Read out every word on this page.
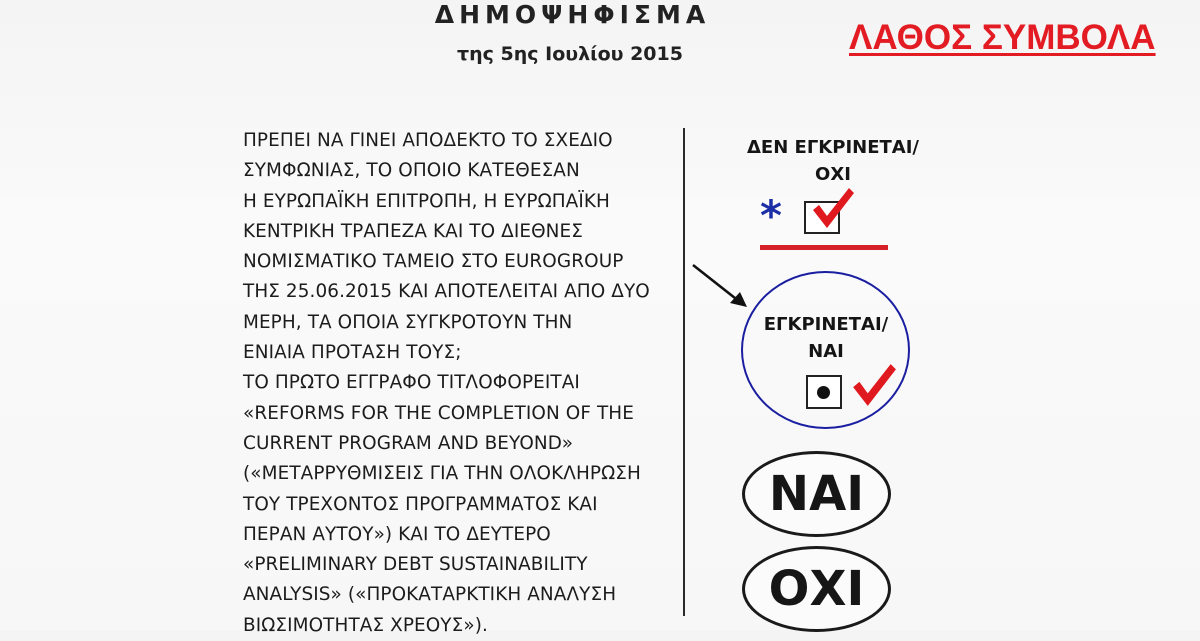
ΔΗΜΟΨΗΦΙΣΜΑ
της 5ης Ιουλίου 2015	ΛΑΘΟΣ ΣΥΜΒΟΛΑ
ΠΡΕΠΕΙ ΝΑ ΓΙΝΕΙ ΑΠΟΔΕΚΤΟ ΤΟ ΣΧΕΔΙΟ
ΣΥΜΦΩΝΙΑΣ, ΤΟ ΟΠΟΙΟ ΚΑΤΕΘΕΣΑΝ
Η ΕΥΡΩΠΑΪΚΗ ΕΠΙΤΡΟΠΗ, Η ΕΥΡΩΠΑΪΚΗ
ΚΕΝΤΡΙΚΗ ΤΡΑΠΕΖΑ ΚΑΙ ΤΟ ΔΙΕΘΝΕΣ
ΝΟΜΙΣΜΑΤΙΚΟ ΤΑΜΕΙΟ ΣΤΟ EUROGROUP
ΤΗΣ 25.06.2015 ΚΑΙ ΑΠΟΤΕΛΕΙΤΑΙ ΑΠΟ ΔΥΟ
ΜΕΡΗ, ΤΑ ΟΠΟΙΑ ΣΥΓΚΡΟΤΟΥΝ ΤΗΝ
ΕΝΙΑΙΑ ΠΡΟΤΑΣΗ ΤΟΥΣ;
ΤΟ ΠΡΩΤΟ ΕΓΓΡΑΦΟ ΤΙΤΛΟΦΟΡΕΙΤΑΙ
«REFORMS FOR THE COMPLETION OF THE
CURRENT PROGRAM AND BEYOND»
(«ΜΕΤΑΡΡΥΘΜΙΣΕΙΣ ΓΙΑ ΤΗΝ ΟΛΟΚΛΗΡΩΣΗ
ΤΟΥ ΤΡΕΧΟΝΤΟΣ ΠΡΟΓΡΑΜΜΑΤΟΣ ΚΑΙ
ΠΕΡΑΝ ΑΥΤΟΥ») ΚΑΙ ΤΟ ΔΕΥΤΕΡΟ
«PRELIMINARY DEBT SUSTAINABILITY
ANALYSIS» («ΠΡΟΚΑΤΑΡΚΤΙΚΗ ΑΝΑΛΥΣΗ
ΒΙΩΣΙΜΟΤΗΤΑΣ ΧΡΕΟΥΣ»).
ΔΕΝ ΕΓΚΡΙΝΕΤΑΙ/
ΟΧΙ
*
ΕΓΚΡΙΝΕΤΑΙ/
ΝΑΙ
ΝΑΙ
ΟΧΙ
